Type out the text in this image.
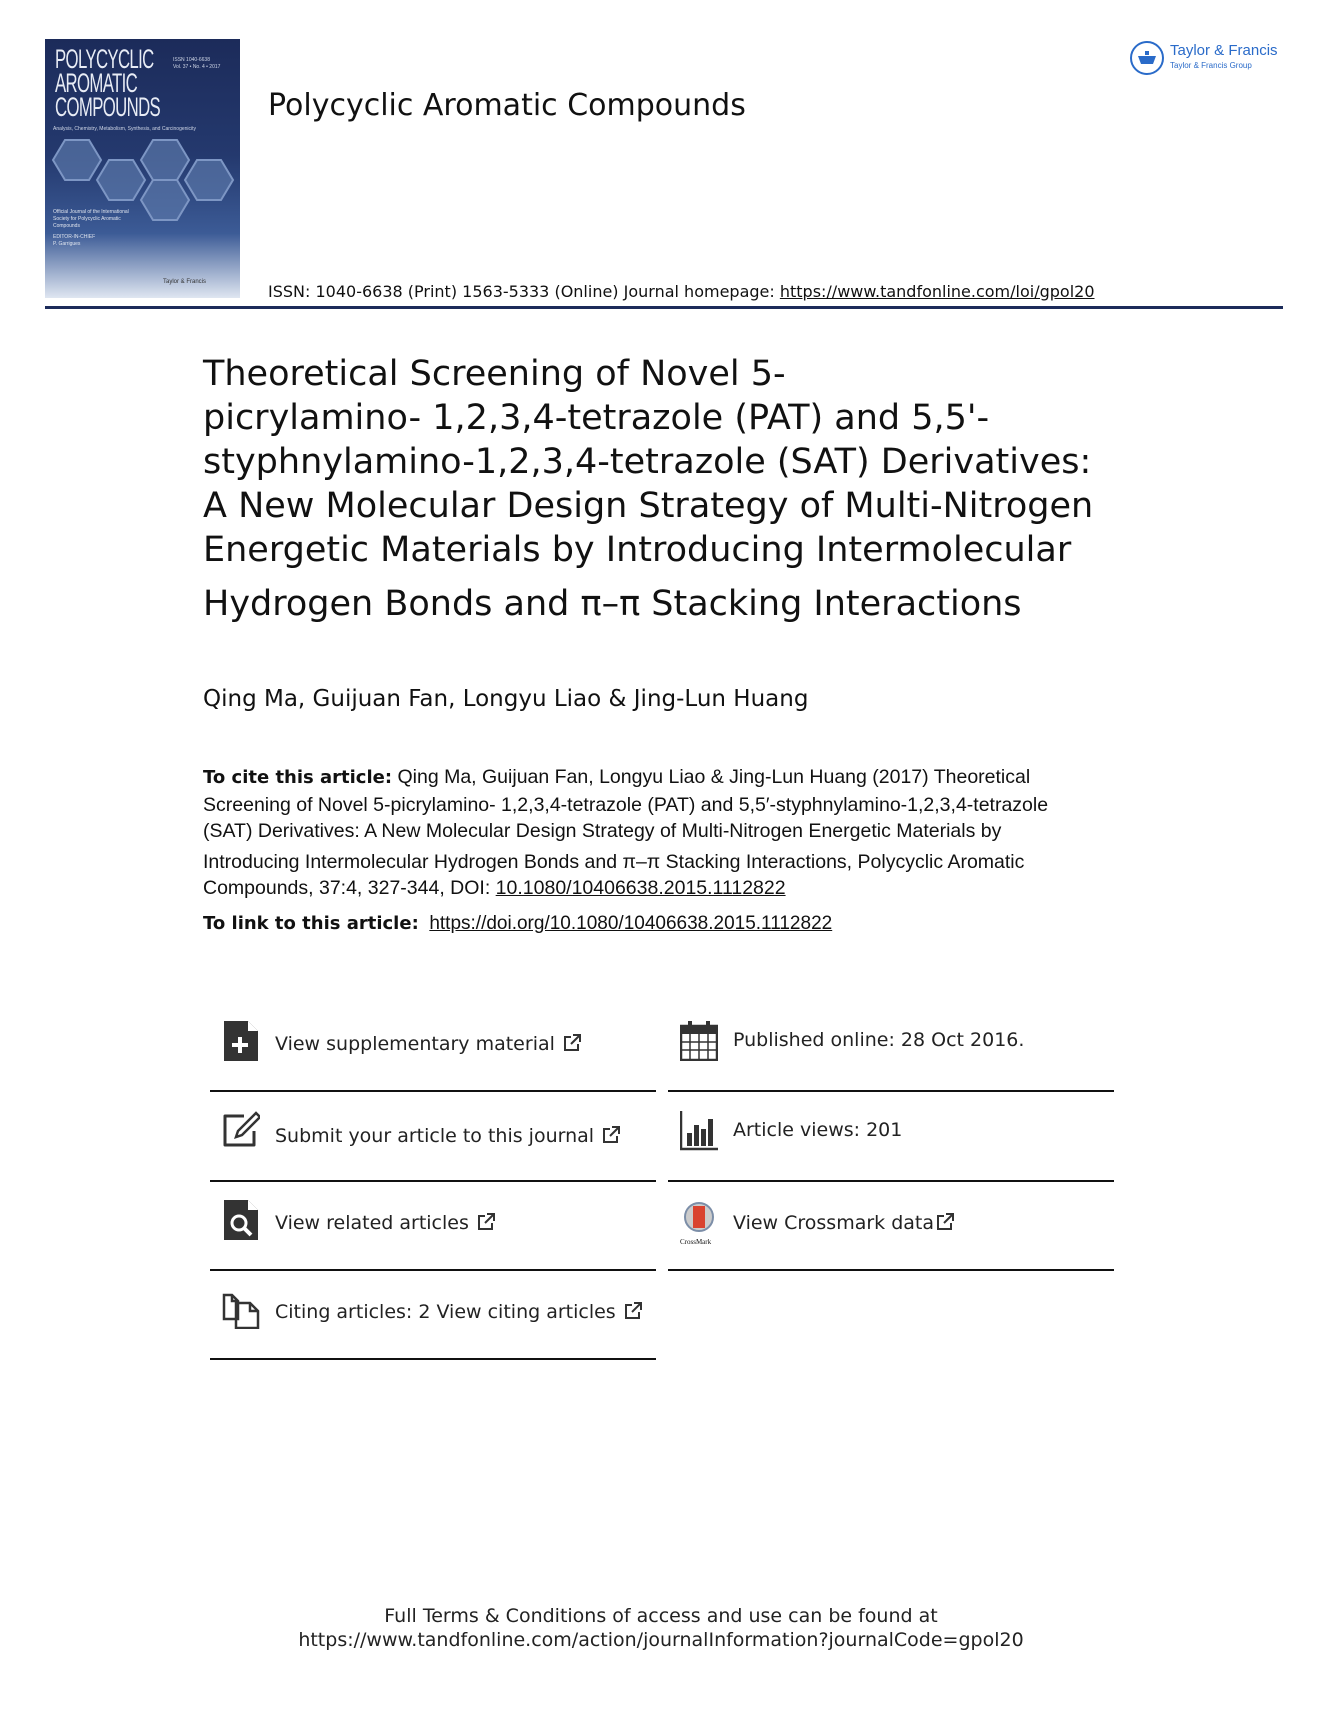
POLYCYCLIC
AROMATIC
COMPOUNDS
ISSN 1040-6638
Vol. 37 • No. 4 • 2017
Analysis, Chemistry, Metabolism, Synthesis, and Carcinogenicity
Official Journal of the International
Society for Polycyclic Aromatic
Compounds
EDITOR-IN-CHIEF
P. Garrigues
Taylor & Francis
Polycyclic Aromatic Compounds
ISSN: 1040-6638 (Print) 1563-5333 (Online) Journal homepage: https://www.tandfonline.com/loi/gpol20
Taylor & Francis
Taylor & Francis Group
Theoretical Screening of Novel 5-
picrylamino- 1,2,3,4-tetrazole (PAT) and 5,5'-
styphnylamino-1,2,3,4-tetrazole (SAT) Derivatives:
A New Molecular Design Strategy of Multi-Nitrogen
Energetic Materials by Introducing Intermolecular
Hydrogen Bonds and π–π Stacking Interactions
Qing Ma, Guijuan Fan, Longyu Liao & Jing-Lun Huang
To cite this article: Qing Ma, Guijuan Fan, Longyu Liao & Jing-Lun Huang (2017) Theoretical
Screening of Novel 5-picrylamino- 1,2,3,4-tetrazole (PAT) and 5,5′-styphnylamino-1,2,3,4-tetrazole
(SAT) Derivatives: A New Molecular Design Strategy of Multi-Nitrogen Energetic Materials by
Introducing Intermolecular Hydrogen Bonds and π–π Stacking Interactions, Polycyclic Aromatic
Compounds, 37:4, 327-344, DOI: 10.1080/10406638.2015.1112822
To link to this article: https://doi.org/10.1080/10406638.2015.1112822
View supplementary material	Published online: 28 Oct 2016.
Submit your article to this journal	Article views: 201
View related articles
CrossMark
View Crossmark data
Citing articles: 2 View citing articles
Full Terms & Conditions of access and use can be found at
https://www.tandfonline.com/action/journalInformation?journalCode=gpol20
